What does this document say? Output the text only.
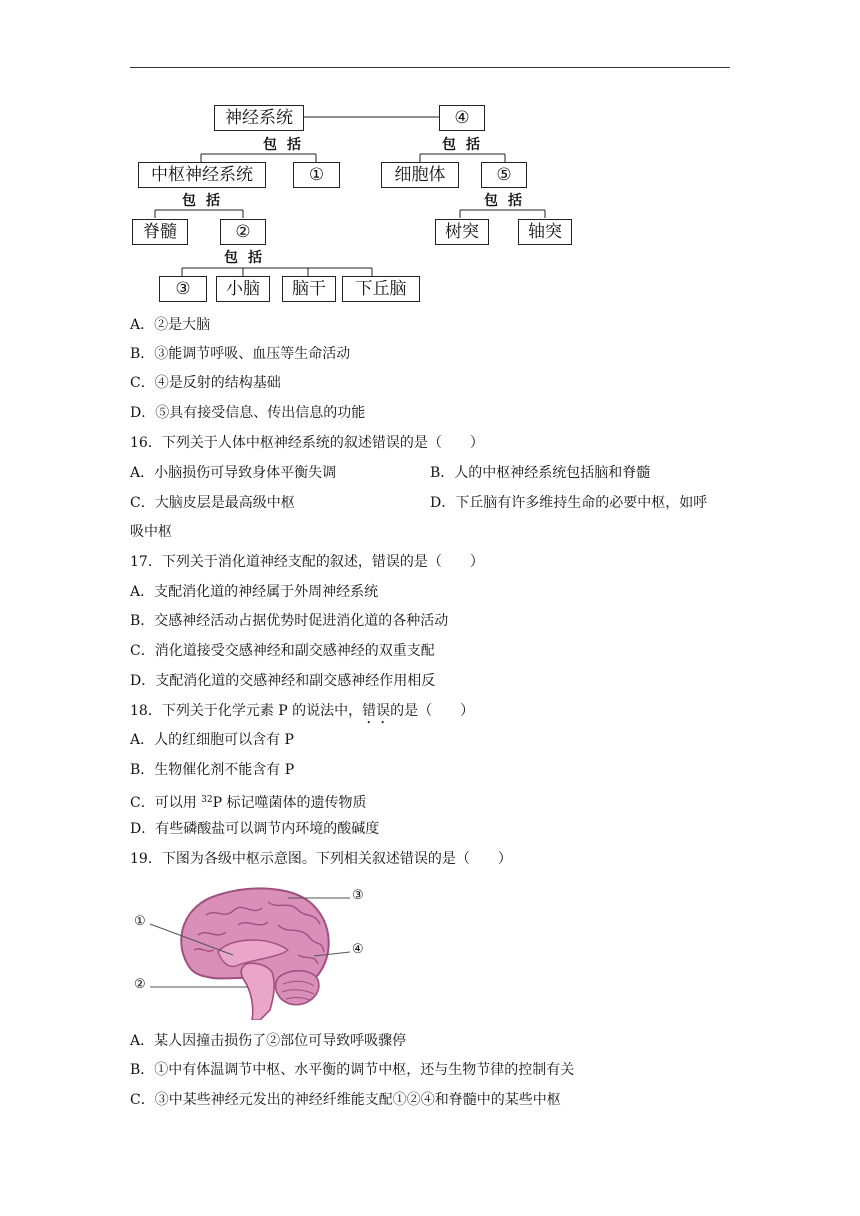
神经系统	④
包括	包括
中枢神经系统	①	细胞体	⑤
包括	包括
脊髓	②	树突	轴突
包括
③	小脑	脑干	下丘脑
A．②是大脑
B．③能调节呼吸、血压等生命活动
C．④是反射的结构基础
D．⑤具有接受信息、传出信息的功能
16．下列关于人体中枢神经系统的叙述错误的是（　　）
A．小脑损伤可导致身体平衡失调	B．人的中枢神经系统包括脑和脊髓
C．大脑皮层是最高级中枢	D．下丘脑有许多维持生命的必要中枢，如呼
吸中枢
17．下列关于消化道神经支配的叙述，错误的是（　　）
A．支配消化道的神经属于外周神经系统
B．交感神经活动占据优势时促进消化道的各种活动
C．消化道接受交感神经和副交感神经的双重支配
D．支配消化道的交感神经和副交感神经作用相反
18．下列关于化学元素 P 的说法中，错误的是（　　）
A．人的红细胞可以含有 P
B．生物催化剂不能含有 P
C．可以用 $^{32}$P 标记噬菌体的遗传物质
D．有些磷酸盐可以调节内环境的酸碱度
19．下图为各级中枢示意图。下列相关叙述错误的是（　　）
①
②
③
④
A．某人因撞击损伤了②部位可导致呼吸骤停
B．①中有体温调节中枢、水平衡的调节中枢，还与生物节律的控制有关
C．③中某些神经元发出的神经纤维能支配①②④和脊髓中的某些中枢
